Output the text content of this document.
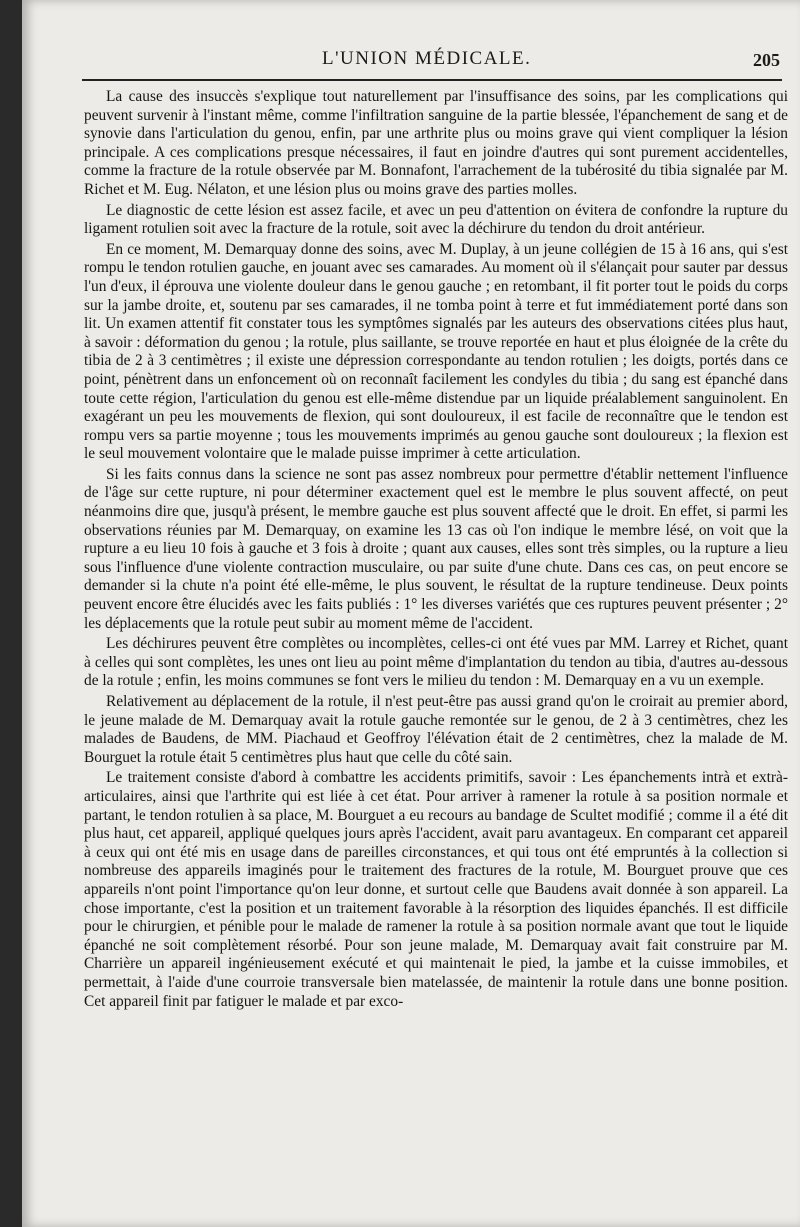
L'UNION MÉDICALE.	205

La cause des insuccès s'explique tout naturellement par l'insuffisance des soins, par les complications qui peuvent survenir à l'instant même, comme l'infiltration sanguine de la partie blessée, l'épanchement de sang et de synovie dans l'articulation du genou, enfin, par une arthrite plus ou moins grave qui vient compliquer la lésion principale. A ces complications presque nécessaires, il faut en joindre d'autres qui sont purement accidentelles, comme la fracture de la rotule observée par M. Bonnafont, l'arrachement de la tubérosité du tibia signalée par M. Richet et M. Eug. Nélaton, et une lésion plus ou moins grave des parties molles.

Le diagnostic de cette lésion est assez facile, et avec un peu d'attention on évitera de confondre la rupture du ligament rotulien soit avec la fracture de la rotule, soit avec la déchirure du tendon du droit antérieur.

En ce moment, M. Demarquay donne des soins, avec M. Duplay, à un jeune collégien de 15 à 16 ans, qui s'est rompu le tendon rotulien gauche, en jouant avec ses camarades. Au moment où il s'élançait pour sauter par dessus l'un d'eux, il éprouva une violente douleur dans le genou gauche ; en retombant, il fit porter tout le poids du corps sur la jambe droite, et, soutenu par ses camarades, il ne tomba point à terre et fut immédiatement porté dans son lit. Un examen attentif fit constater tous les symptômes signalés par les auteurs des observations citées plus haut, à savoir : déformation du genou ; la rotule, plus saillante, se trouve reportée en haut et plus éloignée de la crête du tibia de 2 à 3 centimètres ; il existe une dépression correspondante au tendon rotulien ; les doigts, portés dans ce point, pénètrent dans un enfoncement où on reconnaît facilement les condyles du tibia ; du sang est épanché dans toute cette région, l'articulation du genou est elle-même distendue par un liquide préalablement sanguinolent. En exagérant un peu les mouvements de flexion, qui sont douloureux, il est facile de reconnaître que le tendon est rompu vers sa partie moyenne ; tous les mouvements imprimés au genou gauche sont douloureux ; la flexion est le seul mouvement volontaire que le malade puisse imprimer à cette articulation.

Si les faits connus dans la science ne sont pas assez nombreux pour permettre d'établir nettement l'influence de l'âge sur cette rupture, ni pour déterminer exactement quel est le membre le plus souvent affecté, on peut néanmoins dire que, jusqu'à présent, le membre gauche est plus souvent affecté que le droit. En effet, si parmi les observations réunies par M. Demarquay, on examine les 13 cas où l'on indique le membre lésé, on voit que la rupture a eu lieu 10 fois à gauche et 3 fois à droite ; quant aux causes, elles sont très simples, ou la rupture a lieu sous l'influence d'une violente contraction musculaire, ou par suite d'une chute. Dans ces cas, on peut encore se demander si la chute n'a point été elle-même, le plus souvent, le résultat de la rupture tendineuse. Deux points peuvent encore être élucidés avec les faits publiés : 1° les diverses variétés que ces ruptures peuvent présenter ; 2° les déplacements que la rotule peut subir au moment même de l'accident.

Les déchirures peuvent être complètes ou incomplètes, celles-ci ont été vues par MM. Larrey et Richet, quant à celles qui sont complètes, les unes ont lieu au point même d'implantation du tendon au tibia, d'autres au-dessous de la rotule ; enfin, les moins communes se font vers le milieu du tendon : M. Demarquay en a vu un exemple.

Relativement au déplacement de la rotule, il n'est peut-être pas aussi grand qu'on le croirait au premier abord, le jeune malade de M. Demarquay avait la rotule gauche remontée sur le genou, de 2 à 3 centimètres, chez les malades de Baudens, de MM. Piachaud et Geoffroy l'élévation était de 2 centimètres, chez la malade de M. Bourguet la rotule était 5 centimètres plus haut que celle du côté sain.

Le traitement consiste d'abord à combattre les accidents primitifs, savoir : Les épanchements intrà et extrà-articulaires, ainsi que l'arthrite qui est liée à cet état. Pour arriver à ramener la rotule à sa position normale et partant, le tendon rotulien à sa place, M. Bourguet a eu recours au bandage de Scultet modifié ; comme il a été dit plus haut, cet appareil, appliqué quelques jours après l'accident, avait paru avantageux. En comparant cet appareil à ceux qui ont été mis en usage dans de pareilles circonstances, et qui tous ont été empruntés à la collection si nombreuse des appareils imaginés pour le traitement des fractures de la rotule, M. Bourguet prouve que ces appareils n'ont point l'importance qu'on leur donne, et surtout celle que Baudens avait donnée à son appareil. La chose importante, c'est la position et un traitement favorable à la résorption des liquides épanchés. Il est difficile pour le chirurgien, et pénible pour le malade de ramener la rotule à sa position normale avant que tout le liquide épanché ne soit complètement résorbé. Pour son jeune malade, M. Demarquay avait fait construire par M. Charrière un appareil ingénieusement exécuté et qui maintenait le pied, la jambe et la cuisse immobiles, et permettait, à l'aide d'une courroie transversale bien matelassée, de maintenir la rotule dans une bonne position. Cet appareil finit par fatiguer le malade et par exco-
